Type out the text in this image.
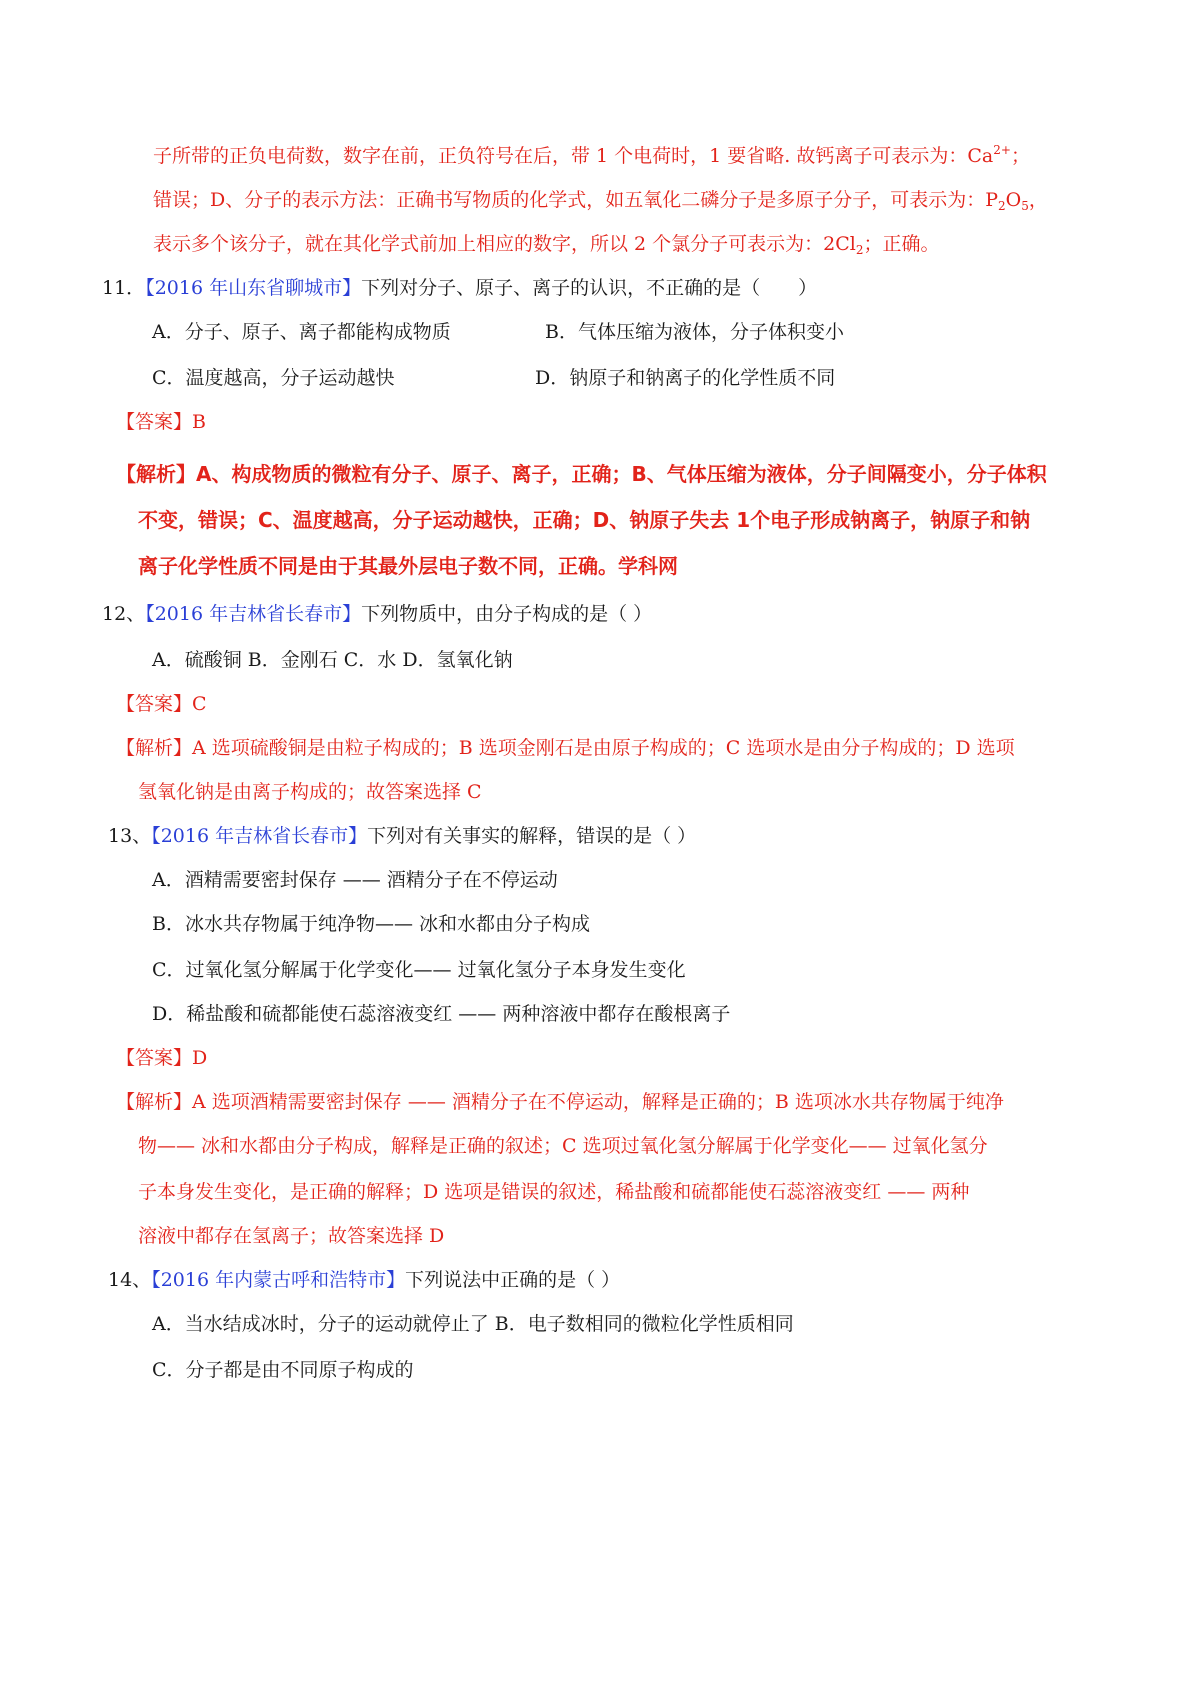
子所带的正负电荷数，数字在前，正负符号在后，带 1 个电荷时，1 要省略. 故钙离子可表示为：$Ca^{2+}$；
错误；D、分子的表示方法：正确书写物质的化学式，如五氧化二磷分子是多原子分子，可表示为：$P_2O_5$，
表示多个该分子，就在其化学式前加上相应的数字，所以 2 个氯分子可表示为：$2Cl_2$；正确。
11．【2016 年山东省聊城市】下列对分子、原子、离子的认识，不正确的是（　　）
A．分子、原子、离子都能构成物质	B．气体压缩为液体，分子体积变小
C．温度越高，分子运动越快	D．钠原子和钠离子的化学性质不同
【答案】B
【解析】A、构成物质的微粒有分子、原子、离子，正确；B、气体压缩为液体，分子间隔变小，分子体积
不变，错误；C、温度越高，分子运动越快，正确；D、钠原子失去 1个电子形成钠离子，钠原子和钠
离子化学性质不同是由于其最外层电子数不同，正确。学科网
12、【2016 年吉林省长春市】下列物质中，由分子构成的是（ ）
A．硫酸铜 B．金刚石 C．水 D．氢氧化钠
【答案】C
【解析】A 选项硫酸铜是由粒子构成的；B 选项金刚石是由原子构成的；C 选项水是由分子构成的；D 选项
氢氧化钠是由离子构成的；故答案选择 C
13、【2016 年吉林省长春市】下列对有关事实的解释，错误的是（ ）
A．酒精需要密封保存 —— 酒精分子在不停运动
B．冰水共存物属于纯净物—— 冰和水都由分子构成
C．过氧化氢分解属于化学变化—— 过氧化氢分子本身发生变化
D．稀盐酸和硫都能使石蕊溶液变红 —— 两种溶液中都存在酸根离子
【答案】D
【解析】A 选项酒精需要密封保存 —— 酒精分子在不停运动，解释是正确的；B 选项冰水共存物属于纯净
物—— 冰和水都由分子构成，解释是正确的叙述；C 选项过氧化氢分解属于化学变化—— 过氧化氢分
子本身发生变化，是正确的解释；D 选项是错误的叙述，稀盐酸和硫都能使石蕊溶液变红 —— 两种
溶液中都存在氢离子；故答案选择 D
14、【2016 年内蒙古呼和浩特市】下列说法中正确的是（ ）
A．当水结成冰时，分子的运动就停止了 B．电子数相同的微粒化学性质相同
C．分子都是由不同原子构成的
